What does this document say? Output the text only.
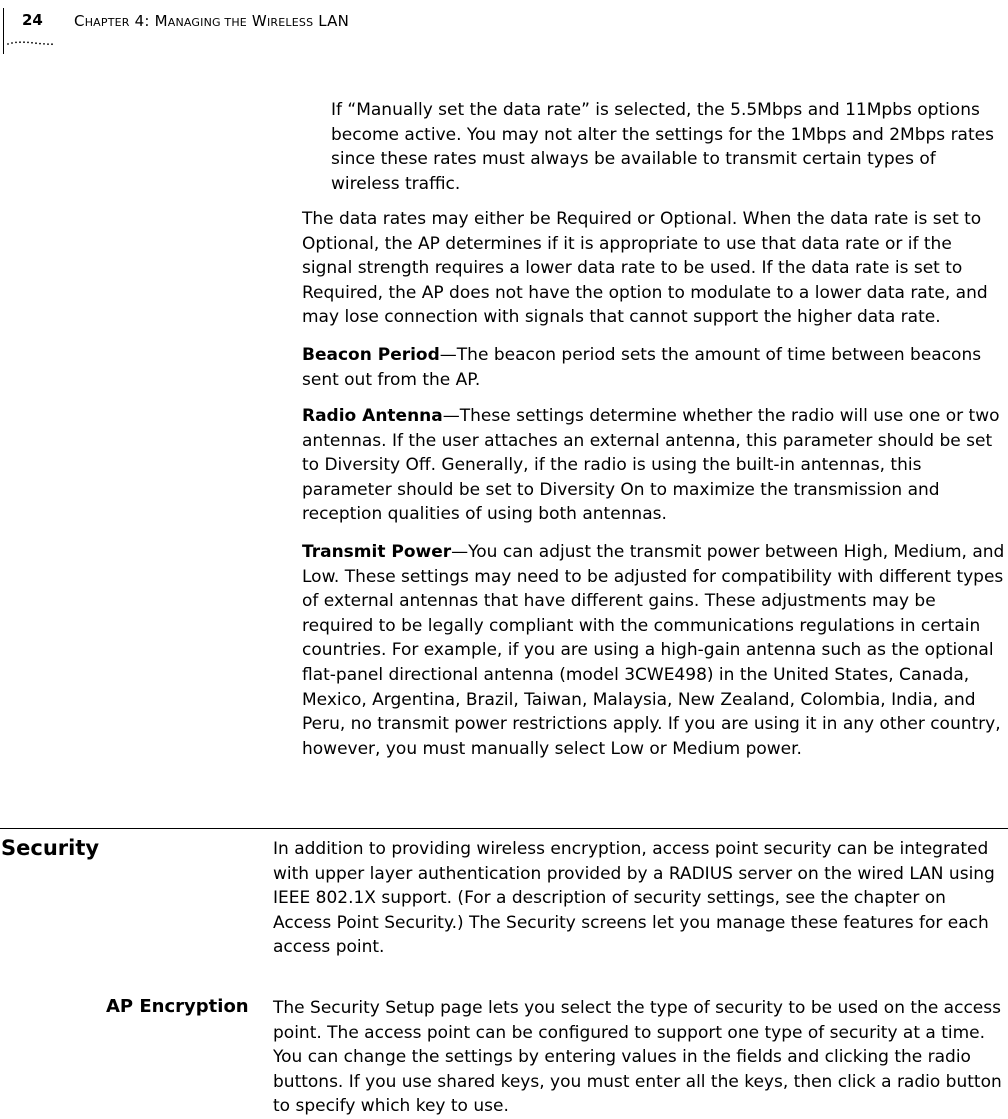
24 CHAPTER 4: MANAGING THE WIRELESS LAN

If “Manually set the data rate” is selected, the 5.5Mbps and 11Mpbs options become active. You may not alter the settings for the 1Mbps and 2Mbps rates since these rates must always be available to transmit certain types of wireless traffic.

The data rates may either be Required or Optional. When the data rate is set to Optional, the AP determines if it is appropriate to use that data rate or if the signal strength requires a lower data rate to be used. If the data rate is set to Required, the AP does not have the option to modulate to a lower data rate, and may lose connection with signals that cannot support the higher data rate.

Beacon Period—The beacon period sets the amount of time between beacons sent out from the AP.

Radio Antenna—These settings determine whether the radio will use one or two antennas. If the user attaches an external antenna, this parameter should be set to Diversity Off. Generally, if the radio is using the built-in antennas, this parameter should be set to Diversity On to maximize the transmission and reception qualities of using both antennas.

Transmit Power—You can adjust the transmit power between High, Medium, and Low. These settings may need to be adjusted for compatibility with different types of external antennas that have different gains. These adjustments may be required to be legally compliant with the communications regulations in certain countries. For example, if you are using a high-gain antenna such as the optional flat-panel directional antenna (model 3CWE498) in the United States, Canada, Mexico, Argentina, Brazil, Taiwan, Malaysia, New Zealand, Colombia, India, and Peru, no transmit power restrictions apply. If you are using it in any other country, however, you must manually select Low or Medium power.

Security	In addition to providing wireless encryption, access point security can be integrated with upper layer authentication provided by a RADIUS server on the wired LAN using IEEE 802.1X support. (For a description of security settings, see the chapter on Access Point Security.) The Security screens let you manage these features for each access point.

AP Encryption The Security Setup page lets you select the type of security to be used on the access point. The access point can be configured to support one type of security at a time. You can change the settings by entering values in the fields and clicking the radio buttons. If you use shared keys, you must enter all the keys, then click a radio button to specify which key to use.
